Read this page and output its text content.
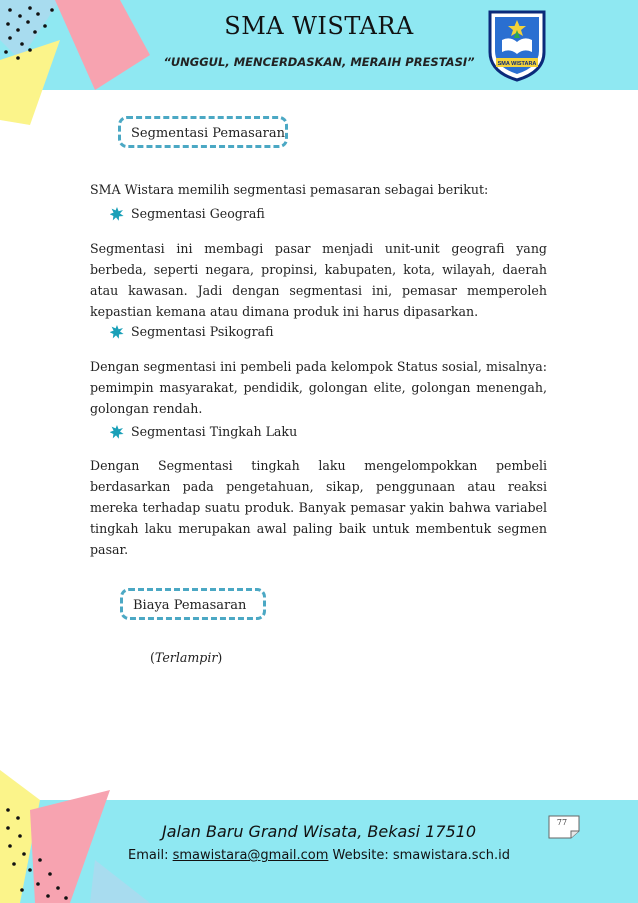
SMA WISTARA
“UNGGUL, MENCERDASKAN, MERAIH PRESTASI”	SMA WISTARA
Segmentasi Pemasaran
SMA Wistara memilih segmentasi pemasaran sebagai berikut:
Segmentasi Geografi
Segmentasi ini membagi pasar menjadi unit-unit geografi yang berbeda, seperti negara, propinsi, kabupaten, kota, wilayah, daerah atau kawasan. Jadi dengan segmentasi ini, pemasar memperoleh kepastian kemana atau dimana produk ini harus dipasarkan.
Segmentasi Psikografi
Dengan segmentasi ini pembeli pada kelompok Status sosial, misalnya: pemimpin masyarakat, pendidik, golongan elite, golongan menengah, golongan rendah.
Segmentasi Tingkah Laku
Dengan Segmentasi tingkah laku mengelompokkan pembeli berdasarkan pada pengetahuan, sikap, penggunaan atau reaksi mereka terhadap suatu produk. Banyak pemasar yakin bahwa variabel tingkah laku merupakan awal paling baik untuk membentuk segmen pasar.
Biaya Pemasaran
(Terlampir)
77
Jalan Baru Grand Wisata, Bekasi 17510
Email: smawistara@gmail.com Website: smawistara.sch.id
